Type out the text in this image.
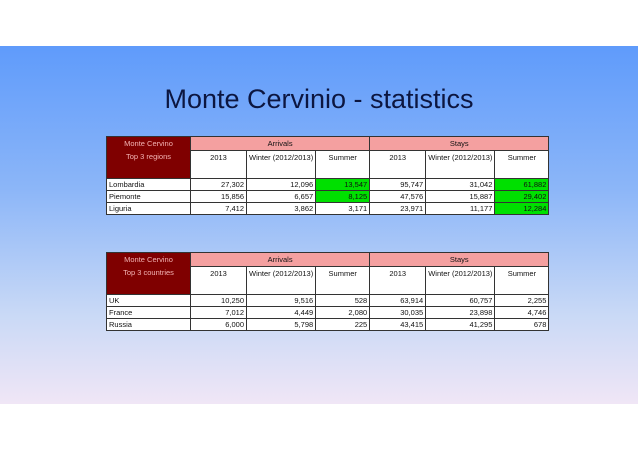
Monte Cervinio - statistics
Monte Cervino
Top 3 regions	Arrivals			Stays		
	2013	Winter (2012/2013)	Summer	2013	Winter (2012/2013)	Summer
Lombardia	27,302	12,096	13,547	95,747	31,042	61,882
Piemonte	15,856	6,657	8,125	47,576	15,887	29,402
Liguria	7,412	3,862	3,171	23,971	11,177	12,284
Monte Cervino
Top 3 countries	Arrivals			Stays		
	2013	Winter (2012/2013)	Summer	2013	Winter (2012/2013)	Summer
UK	10,250	9,516	528	63,914	60,757	2,255
France	7,012	4,449	2,080	30,035	23,898	4,746
Russia	6,000	5,798	225	43,415	41,295	678
